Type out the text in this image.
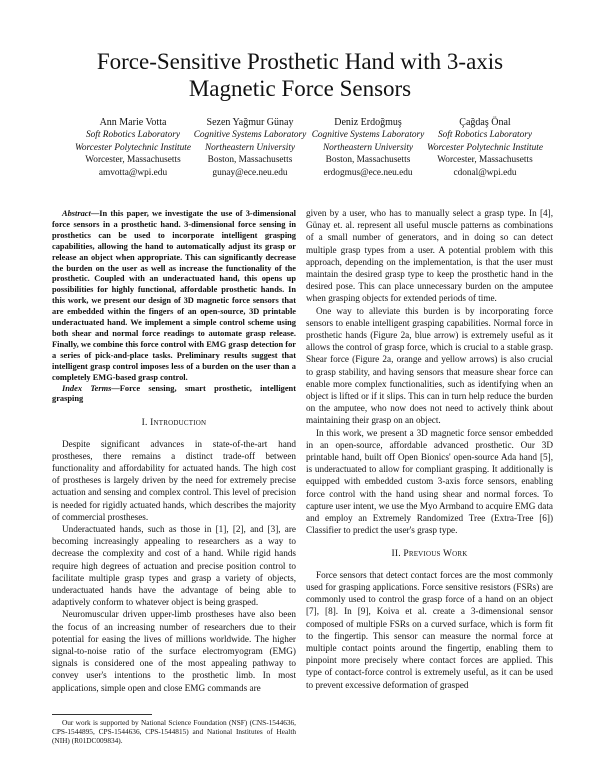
Force-Sensitive Prosthetic Hand with 3-axis
Magnetic Force Sensors
Ann Marie Votta
Soft Robotics Laboratory
Worcester Polytechnic Institute
Worcester, Massachusetts
amvotta@wpi.edu
Sezen Yağmur Günay
Cognitive Systems Laboratory
Northeastern University
Boston, Massachusetts
gunay@ece.neu.edu
Deniz Erdoğmuş
Cognitive Systems Laboratory
Northeastern University
Boston, Massachusetts
erdogmus@ece.neu.edu
Çağdaş Önal
Soft Robotics Laboratory
Worcester Polytechnic Institute
Worcester, Massachusetts
cdonal@wpi.edu

Abstract—In this paper, we investigate the use of 3-dimensional force sensors in a prosthetic hand. 3-dimensional force sensing in prosthetics can be used to incorporate intelligent grasping capabilities, allowing the hand to automatically adjust its grasp or release an object when appropriate. This can significantly decrease the burden on the user as well as increase the functionality of the prosthetic. Coupled with an underactuated hand, this opens up possibilities for highly functional, affordable prosthetic hands. In this work, we present our design of 3D magnetic force sensors that are embedded within the fingers of an open-source, 3D printable underactuated hand. We implement a simple control scheme using both shear and normal force readings to automate grasp release. Finally, we combine this force control with EMG grasp detection for a series of pick-and-place tasks. Preliminary results suggest that intelligent grasp control imposes less of a burden on the user than a completely EMG-based grasp control.

Index Terms—Force sensing, smart prosthetic, intelligent grasping

I. Introduction

Despite significant advances in state-of-the-art hand prostheses, there remains a distinct trade-off between functionality and affordability for actuated hands. The high cost of prostheses is largely driven by the need for extremely precise actuation and sensing and complex control. This level of precision is needed for rigidly actuated hands, which describes the majority of commercial prostheses.

Underactuated hands, such as those in [1], [2], and [3], are becoming increasingly appealing to researchers as a way to decrease the complexity and cost of a hand. While rigid hands require high degrees of actuation and precise position control to facilitate multiple grasp types and grasp a variety of objects, underactuated hands have the advantage of being able to adaptively conform to whatever object is being grasped.

Neuromuscular driven upper-limb prostheses have also been the focus of an increasing number of researchers due to their potential for easing the lives of millions worldwide. The higher signal-to-noise ratio of the surface electromyogram (EMG) signals is considered one of the most appealing pathway to convey user's intentions to the prosthetic limb. In most applications, simple open and close EMG commands are

Our work is supported by National Science Foundation (NSF) (CNS-1544636, CPS-1544895, CPS-1544636, CPS-1544815) and National Institutes of Health (NIH) (R01DC009834).

given by a user, who has to manually select a grasp type. In [4], Günay et. al. represent all useful muscle patterns as combinations of a small number of generators, and in doing so can detect multiple grasp types from a user. A potential problem with this approach, depending on the implementation, is that the user must maintain the desired grasp type to keep the prosthetic hand in the desired pose. This can place unnecessary burden on the amputee when grasping objects for extended periods of time.

One way to alleviate this burden is by incorporating force sensors to enable intelligent grasping capabilities. Normal force in prosthetic hands (Figure 2a, blue arrow) is extremely useful as it allows the control of grasp force, which is crucial to a stable grasp. Shear force (Figure 2a, orange and yellow arrows) is also crucial to grasp stability, and having sensors that measure shear force can enable more complex functionalities, such as identifying when an object is lifted or if it slips. This can in turn help reduce the burden on the amputee, who now does not need to actively think about maintaining their grasp on an object.

In this work, we present a 3D magnetic force sensor embedded in an open-source, affordable advanced prosthetic. Our 3D printable hand, built off Open Bionics' open-source Ada hand [5], is underactuated to allow for compliant grasping. It additionally is equipped with embedded custom 3-axis force sensors, enabling force control with the hand using shear and normal forces. To capture user intent, we use the Myo Armband to acquire EMG data and employ an Extremely Randomized Tree (Extra-Tree [6]) Classifier to predict the user's grasp type.

II. Previous Work

Force sensors that detect contact forces are the most commonly used for grasping applications. Force sensitive resistors (FSRs) are commonly used to control the grasp force of a hand on an object [7], [8]. In [9], Koiva et al. create a 3-dimensional sensor composed of multiple FSRs on a curved surface, which is form fit to the fingertip. This sensor can measure the normal force at multiple contact points around the fingertip, enabling them to pinpoint more precisely where contact forces are applied. This type of contact-force control is extremely useful, as it can be used to prevent excessive deformation of grasped
